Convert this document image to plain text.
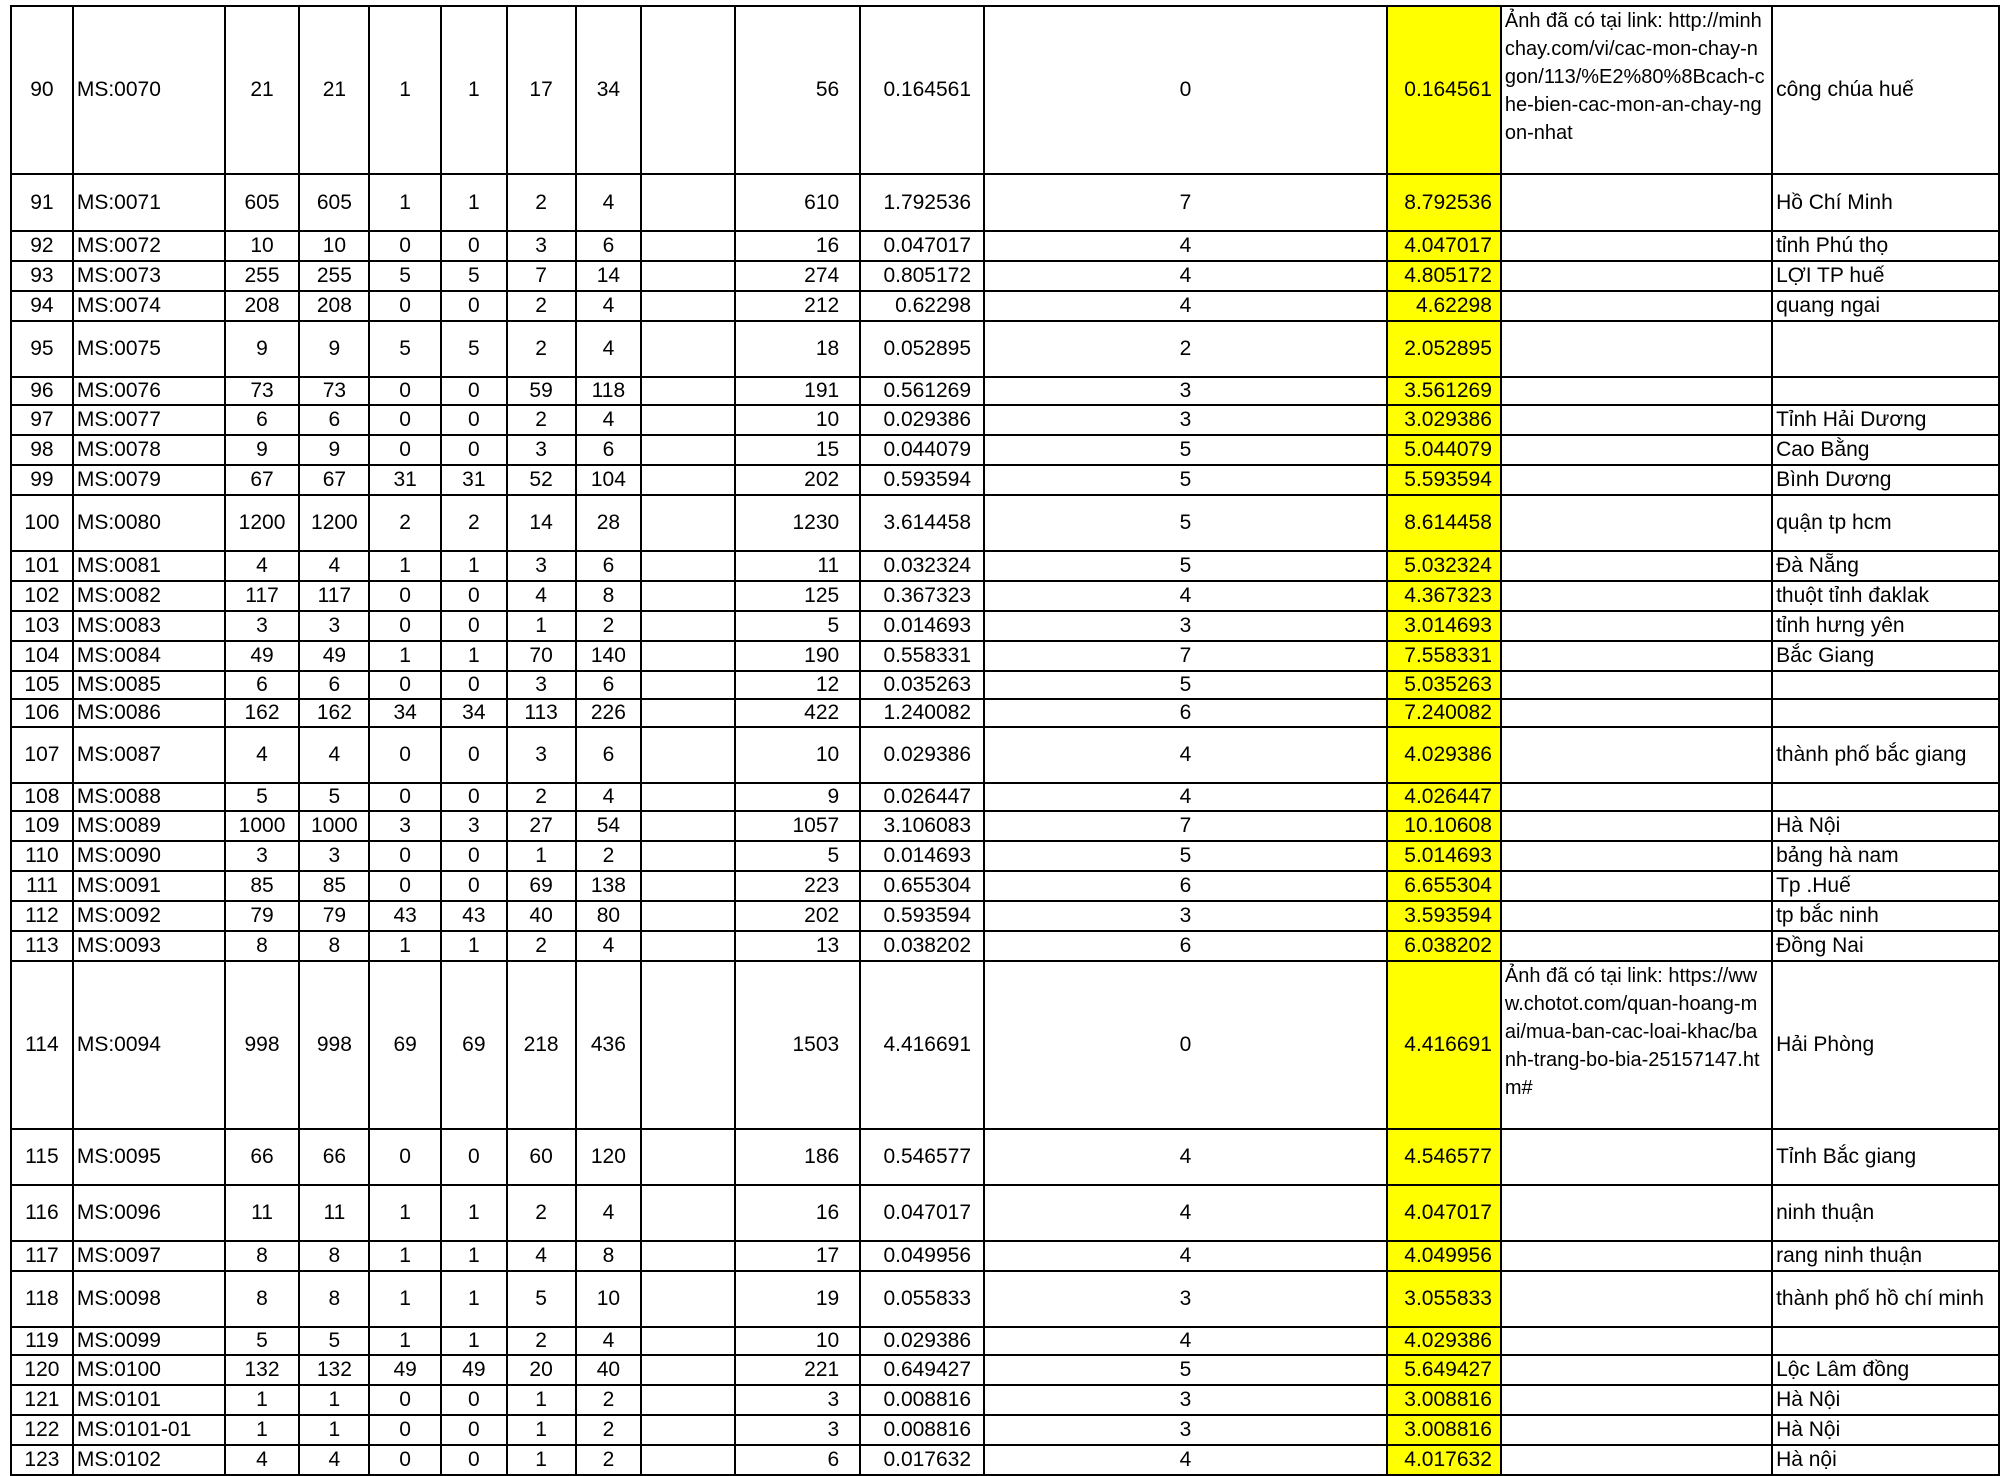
90	MS:0070	21	21	1	1	17	34		56	0.164561	0	0.164561	Ảnh đã có tại link: http://minhchay.com/vi/cac-mon-chay-ngon/113/%E2%80%8Bcach-che-bien-cac-mon-an-chay-ngon-nhat	công chúa huế
91	MS:0071	605	605	1	1	2	4		610	1.792536	7	8.792536		Hồ Chí Minh
92	MS:0072	10	10	0	0	3	6		16	0.047017	4	4.047017		tỉnh Phú thọ
93	MS:0073	255	255	5	5	7	14		274	0.805172	4	4.805172		LỢI TP huế
94	MS:0074	208	208	0	0	2	4		212	0.62298	4	4.62298		quang ngai
95	MS:0075	9	9	5	5	2	4		18	0.052895	2	2.052895		
96	MS:0076	73	73	0	0	59	118		191	0.561269	3	3.561269		
97	MS:0077	6	6	0	0	2	4		10	0.029386	3	3.029386		Tỉnh Hải Dương
98	MS:0078	9	9	0	0	3	6		15	0.044079	5	5.044079		Cao Bằng
99	MS:0079	67	67	31	31	52	104		202	0.593594	5	5.593594		Bình Dương
100	MS:0080	1200	1200	2	2	14	28		1230	3.614458	5	8.614458		quận tp hcm
101	MS:0081	4	4	1	1	3	6		11	0.032324	5	5.032324		Đà Nẵng
102	MS:0082	117	117	0	0	4	8		125	0.367323	4	4.367323		thuột tỉnh đaklak
103	MS:0083	3	3	0	0	1	2		5	0.014693	3	3.014693		tỉnh hưng yên
104	MS:0084	49	49	1	1	70	140		190	0.558331	7	7.558331		Bắc Giang
105	MS:0085	6	6	0	0	3	6		12	0.035263	5	5.035263		
106	MS:0086	162	162	34	34	113	226		422	1.240082	6	7.240082		
107	MS:0087	4	4	0	0	3	6		10	0.029386	4	4.029386		thành phố bắc giang
108	MS:0088	5	5	0	0	2	4		9	0.026447	4	4.026447		
109	MS:0089	1000	1000	3	3	27	54		1057	3.106083	7	10.10608		Hà Nội
110	MS:0090	3	3	0	0	1	2		5	0.014693	5	5.014693		bảng hà nam
111	MS:0091	85	85	0	0	69	138		223	0.655304	6	6.655304		Tp .Huế
112	MS:0092	79	79	43	43	40	80		202	0.593594	3	3.593594		tp bắc ninh
113	MS:0093	8	8	1	1	2	4		13	0.038202	6	6.038202		Đồng Nai
114	MS:0094	998	998	69	69	218	436		1503	4.416691	0	4.416691	Ảnh đã có tại link: https://www.chotot.com/quan-hoang-mai/mua-ban-cac-loai-khac/banh-trang-bo-bia-25157147.htm#	Hải Phòng
115	MS:0095	66	66	0	0	60	120		186	0.546577	4	4.546577		Tỉnh Bắc giang
116	MS:0096	11	11	1	1	2	4		16	0.047017	4	4.047017		ninh thuận
117	MS:0097	8	8	1	1	4	8		17	0.049956	4	4.049956		rang ninh thuận
118	MS:0098	8	8	1	1	5	10		19	0.055833	3	3.055833		thành phố hồ chí minh
119	MS:0099	5	5	1	1	2	4		10	0.029386	4	4.029386		
120	MS:0100	132	132	49	49	20	40		221	0.649427	5	5.649427		Lộc Lâm đồng
121	MS:0101	1	1	0	0	1	2		3	0.008816	3	3.008816		Hà Nội
122	MS:0101-01	1	1	0	0	1	2		3	0.008816	3	3.008816		Hà Nội
123	MS:0102	4	4	0	0	1	2		6	0.017632	4	4.017632		Hà nội
